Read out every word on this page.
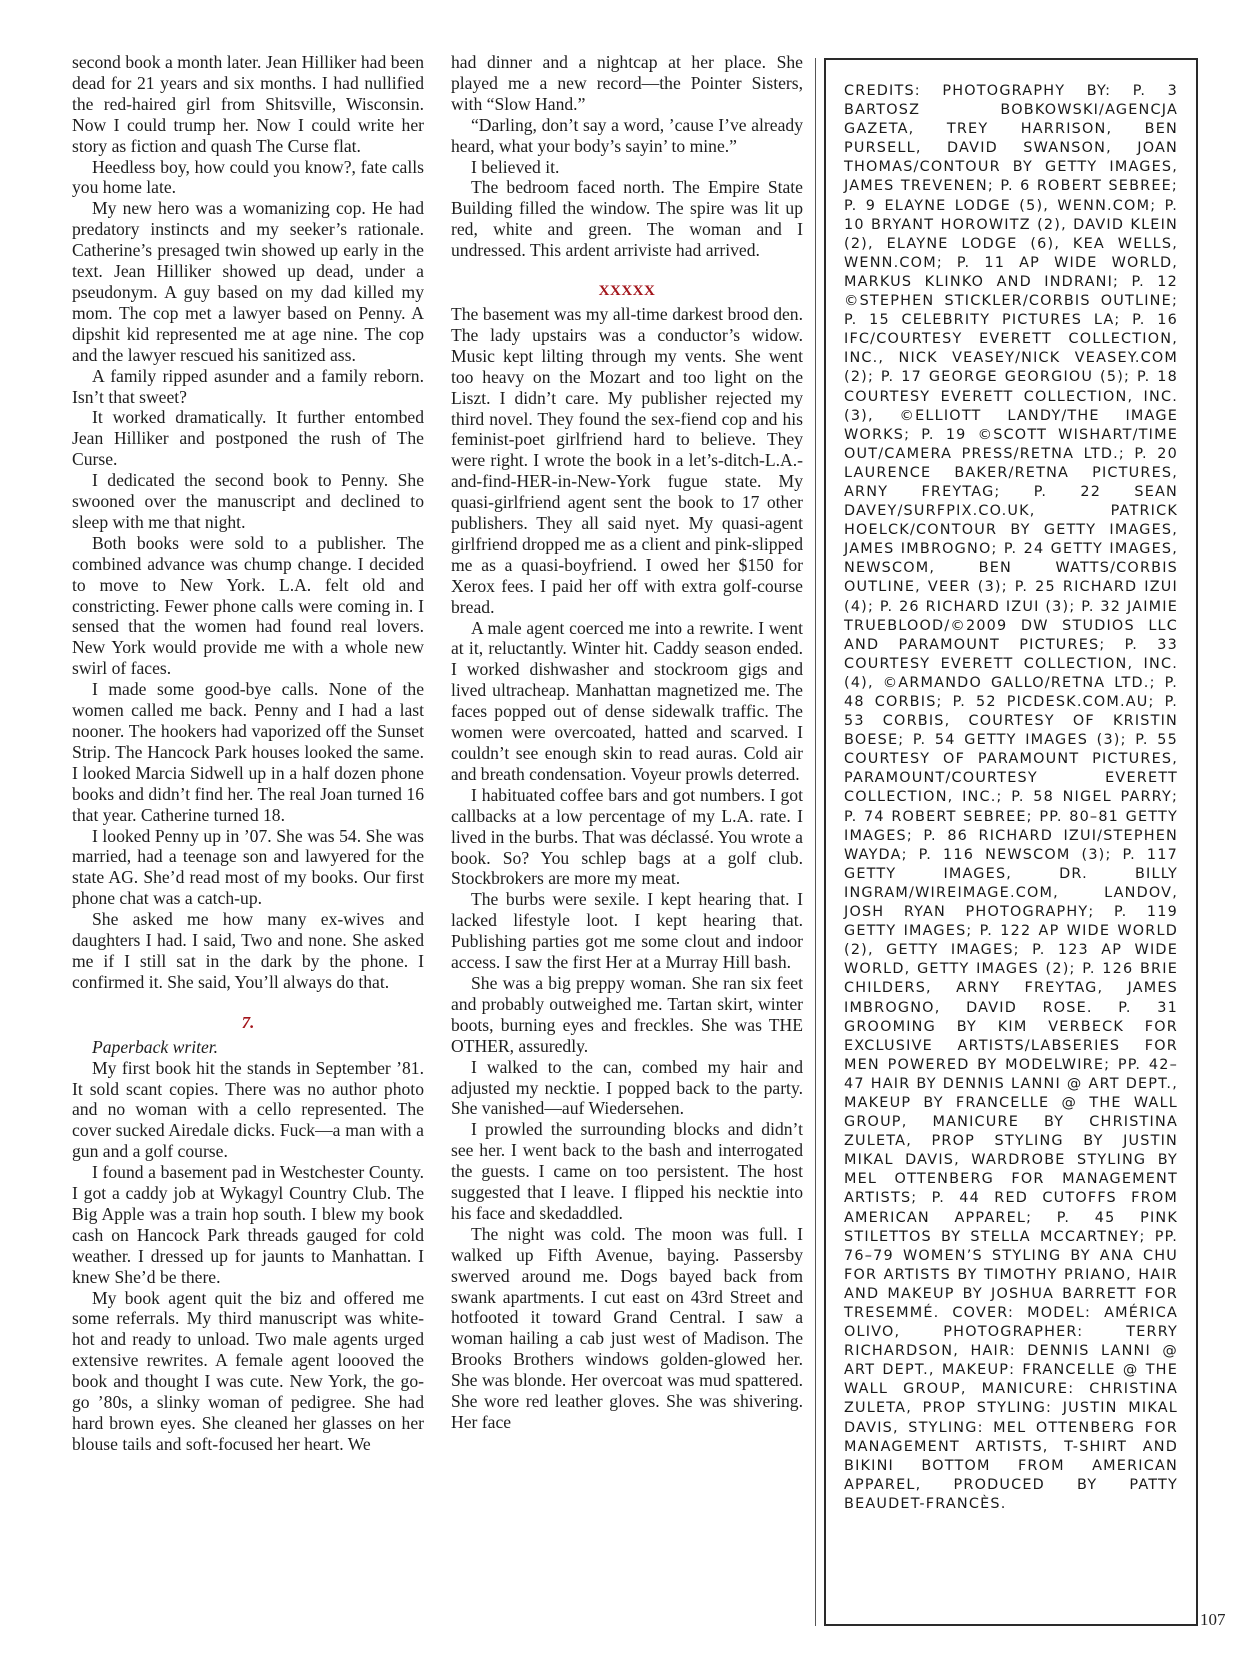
second book a month later. Jean Hilliker had been dead for 21 years and six months. I had nullified the red-haired girl from Shitsville, Wisconsin. Now I could trump her. Now I could write her story as fiction and quash The Curse flat.

Heedless boy, how could you know?, fate calls you home late.

My new hero was a womanizing cop. He had predatory instincts and my seeker’s rationale. Catherine’s presaged twin showed up early in the text. Jean Hilliker showed up dead, under a pseudonym. A guy based on my dad killed my mom. The cop met a lawyer based on Penny. A dipshit kid represented me at age nine. The cop and the lawyer rescued his sanitized ass.

A family ripped asunder and a family reborn. Isn’t that sweet?

It worked dramatically. It further entombed Jean Hilliker and postponed the rush of The Curse.

I dedicated the second book to Penny. She swooned over the manuscript and declined to sleep with me that night.

Both books were sold to a publisher. The combined advance was chump change. I decided to move to New York. L.A. felt old and constricting. Fewer phone calls were coming in. I sensed that the women had found real lovers. New York would provide me with a whole new swirl of faces.

I made some good-bye calls. None of the women called me back. Penny and I had a last nooner. The hookers had vaporized off the Sunset Strip. The Hancock Park houses looked the same. I looked Marcia Sidwell up in a half dozen phone books and didn’t find her. The real Joan turned 16 that year. Catherine turned 18.

I looked Penny up in ’07. She was 54. She was married, had a teenage son and lawyered for the state AG. She’d read most of my books. Our first phone chat was a catch-up.

She asked me how many ex-wives and daughters I had. I said, Two and none. She asked me if I still sat in the dark by the phone. I confirmed it. She said, You’ll always do that.

7.

Paperback writer.

My first book hit the stands in September ’81. It sold scant copies. There was no author photo and no woman with a cello represented. The cover sucked Airedale dicks. Fuck—a man with a gun and a golf course.

I found a basement pad in Westchester County. I got a caddy job at Wykagyl Country Club. The Big Apple was a train hop south. I blew my book cash on Hancock Park threads gauged for cold weather. I dressed up for jaunts to Manhattan. I knew She’d be there.

My book agent quit the biz and offered me some referrals. My third manuscript was white-hot and ready to unload. Two male agents urged extensive rewrites. A female agent loooved the book and thought I was cute. New York, the go-go ’80s, a slinky woman of pedigree. She had hard brown eyes. She cleaned her glasses on her blouse tails and soft-focused her heart. We

had dinner and a nightcap at her place. She played me a new record—the Pointer Sisters, with “Slow Hand.”

“Darling, don’t say a word, ’cause I’ve already heard, what your body’s sayin’ to mine.”

I believed it.

The bedroom faced north. The Empire State Building filled the window. The spire was lit up red, white and green. The woman and I undressed. This ardent arriviste had arrived.

XXXXX

The basement was my all-time darkest brood den. The lady upstairs was a conductor’s widow. Music kept lilting through my vents. She went too heavy on the Mozart and too light on the Liszt. I didn’t care. My publisher rejected my third novel. They found the sex-fiend cop and his feminist-poet girlfriend hard to believe. They were right. I wrote the book in a let’s-ditch-L.A.-and-find-HER-in-New-York fugue state. My quasi-girlfriend agent sent the book to 17 other publishers. They all said nyet. My quasi-agent girlfriend dropped me as a client and pink-slipped me as a quasi-boyfriend. I owed her $150 for Xerox fees. I paid her off with extra golf-course bread.

A male agent coerced me into a rewrite. I went at it, reluctantly. Winter hit. Caddy season ended. I worked dishwasher and stockroom gigs and lived ultracheap. Manhattan magnetized me. The faces popped out of dense sidewalk traffic. The women were overcoated, hatted and scarved. I couldn’t see enough skin to read auras. Cold air and breath condensation. Voyeur prowls deterred.

I habituated coffee bars and got numbers. I got callbacks at a low percentage of my L.A. rate. I lived in the burbs. That was déclassé. You wrote a book. So? You schlep bags at a golf club. Stockbrokers are more my meat.

The burbs were sexile. I kept hearing that. I lacked lifestyle loot. I kept hearing that. Publishing parties got me some clout and indoor access. I saw the first Her at a Murray Hill bash.

She was a big preppy woman. She ran six feet and probably outweighed me. Tartan skirt, winter boots, burning eyes and freckles. She was THE OTHER, assuredly.

I walked to the can, combed my hair and adjusted my necktie. I popped back to the party. She vanished—auf Wiedersehen.

I prowled the surrounding blocks and didn’t see her. I went back to the bash and interrogated the guests. I came on too persistent. The host suggested that I leave. I flipped his necktie into his face and skedaddled.

The night was cold. The moon was full. I walked up Fifth Avenue, baying. Passersby swerved around me. Dogs bayed back from swank apartments. I cut east on 43rd Street and hotfooted it toward Grand Central. I saw a woman hailing a cab just west of Madison. The Brooks Brothers windows golden-glowed her. She was blonde. Her overcoat was mud spattered. She wore red leather gloves. She was shivering. Her face

CREDITS: PHOTOGRAPHY BY: P. 3 BARTOSZ BOBKOWSKI/AGENCJA GAZETA, TREY HARRISON, BEN PURSELL, DAVID SWANSON, JOAN THOMAS/CONTOUR BY GETTY IMAGES, JAMES TREVENEN; P. 6 ROBERT SEBREE; P. 9 ELAYNE LODGE (5), WENN.COM; P. 10 BRYANT HOROWITZ (2), DAVID KLEIN (2), ELAYNE LODGE (6), KEA WELLS, WENN.COM; P. 11 AP WIDE WORLD, MARKUS KLINKO AND INDRANI; P. 12 ©STEPHEN STICKLER/CORBIS OUTLINE; P. 15 CELEBRITY PICTURES LA; P. 16 IFC/COURTESY EVERETT COLLECTION, INC., NICK VEASEY/NICK VEASEY.COM (2); P. 17 GEORGE GEORGIOU (5); P. 18 COURTESY EVERETT COLLECTION, INC. (3), ©ELLIOTT LANDY/THE IMAGE WORKS; P. 19 ©SCOTT WISHART/TIME OUT/CAMERA PRESS/RETNA LTD.; P. 20 LAURENCE BAKER/RETNA PICTURES, ARNY FREYTAG; P. 22 SEAN DAVEY/SURFPIX.CO.UK, PATRICK HOELCK/CONTOUR BY GETTY IMAGES, JAMES IMBROGNO; P. 24 GETTY IMAGES, NEWSCOM, BEN WATTS/CORBIS OUTLINE, VEER (3); P. 25 RICHARD IZUI (4); P. 26 RICHARD IZUI (3); P. 32 JAIMIE TRUEBLOOD/©2009 DW STUDIOS LLC AND PARAMOUNT PICTURES; P. 33 COURTESY EVERETT COLLECTION, INC. (4), ©ARMANDO GALLO/RETNA LTD.; P. 48 CORBIS; P. 52 PICDESK.COM.AU; P. 53 CORBIS, COURTESY OF KRISTIN BOESE; P. 54 GETTY IMAGES (3); P. 55 COURTESY OF PARAMOUNT PICTURES, PARAMOUNT/COURTESY EVERETT COLLECTION, INC.; P. 58 NIGEL PARRY; P. 74 ROBERT SEBREE; PP. 80–81 GETTY IMAGES; P. 86 RICHARD IZUI/STEPHEN WAYDA; P. 116 NEWSCOM (3); P. 117 GETTY IMAGES, DR. BILLY INGRAM/WIREIMAGE.COM, LANDOV, JOSH RYAN PHOTOGRAPHY; P. 119 GETTY IMAGES; P. 122 AP WIDE WORLD (2), GETTY IMAGES; P. 123 AP WIDE WORLD, GETTY IMAGES (2); P. 126 BRIE CHILDERS, ARNY FREYTAG, JAMES IMBROGNO, DAVID ROSE. P. 31 GROOMING BY KIM VERBECK FOR EXCLUSIVE ARTISTS/LABSERIES FOR MEN POWERED BY MODELWIRE; PP. 42–47 HAIR BY DENNIS LANNI @ ART DEPT., MAKEUP BY FRANCELLE @ THE WALL GROUP, MANICURE BY CHRISTINA ZULETA, PROP STYLING BY JUSTIN MIKAL DAVIS, WARDROBE STYLING BY MEL OTTENBERG FOR MANAGEMENT ARTISTS; P. 44 RED CUTOFFS FROM AMERICAN APPAREL; P. 45 PINK STILETTOS BY STELLA MCCARTNEY; PP. 76–79 WOMEN’S STYLING BY ANA CHU FOR ARTISTS BY TIMOTHY PRIANO, HAIR AND MAKEUP BY JOSHUA BARRETT FOR TRESEMMÉ. COVER: MODEL: AMÉRICA OLIVO, PHOTOGRAPHER: TERRY RICHARDSON, HAIR: DENNIS LANNI @ ART DEPT., MAKEUP: FRANCELLE @ THE WALL GROUP, MANICURE: CHRISTINA ZULETA, PROP STYLING: JUSTIN MIKAL DAVIS, STYLING: MEL OTTENBERG FOR MANAGEMENT ARTISTS, T-SHIRT AND BIKINI BOTTOM FROM AMERICAN APPAREL, PRODUCED BY PATTY BEAUDET-FRANCÈS.
107
